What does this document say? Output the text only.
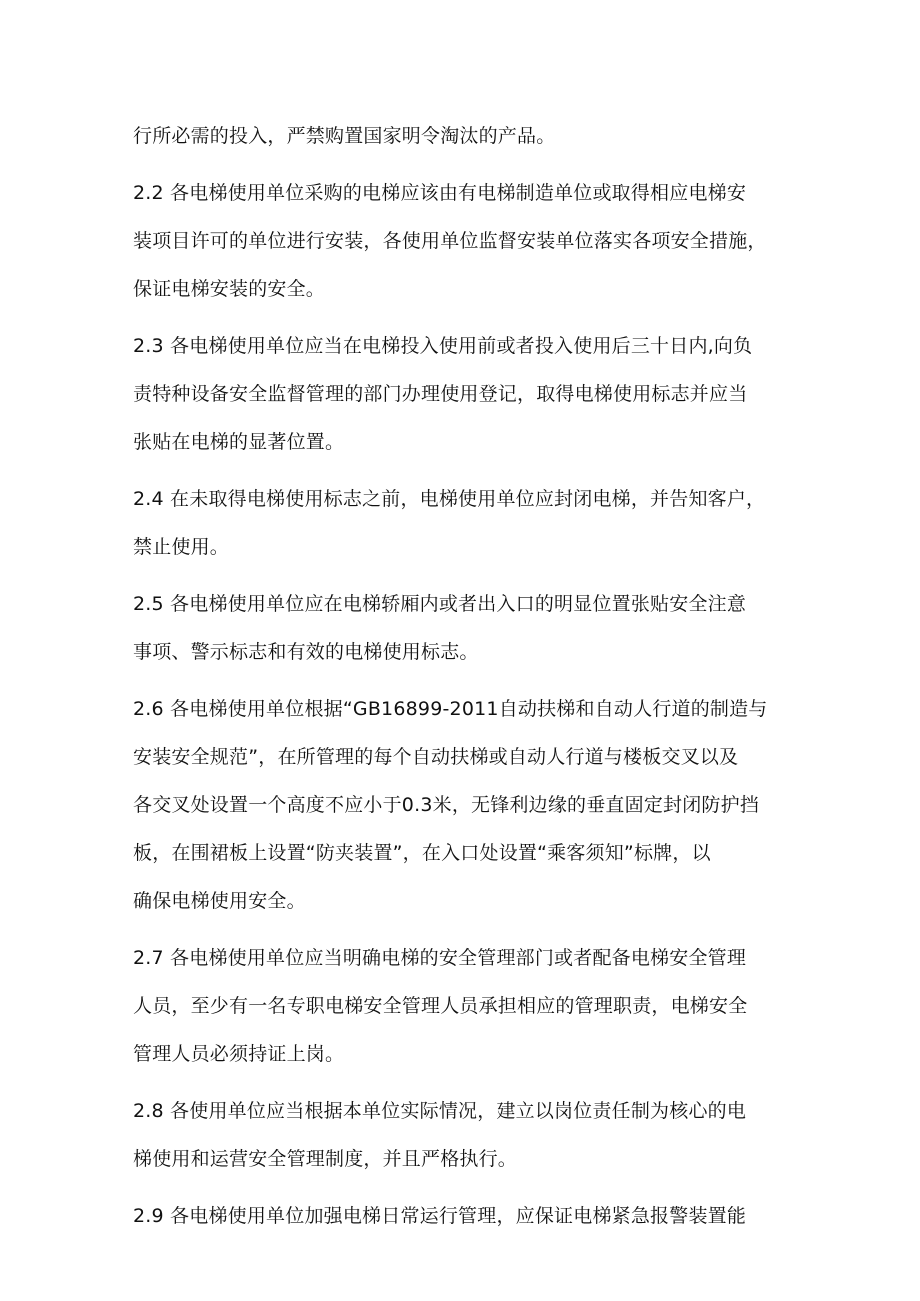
行所必需的投入，严禁购置国家明令淘汰的产品。

2.2 各电梯使用单位采购的电梯应该由有电梯制造单位或取得相应电梯安
装项目许可的单位进行安装，各使用单位监督安装单位落实各项安全措施，
保证电梯安装的安全。

2.3 各电梯使用单位应当在电梯投入使用前或者投入使用后三十日内,向负
责特种设备安全监督管理的部门办理使用登记，取得电梯使用标志并应当
张贴在电梯的显著位置。

2.4 在未取得电梯使用标志之前，电梯使用单位应封闭电梯，并告知客户，
禁止使用。

2.5 各电梯使用单位应在电梯轿厢内或者出入口的明显位置张贴安全注意
事项、警示标志和有效的电梯使用标志。

2.6 各电梯使用单位根据“GB16899-2011自动扶梯和自动人行道的制造与
安装安全规范”，在所管理的每个自动扶梯或自动人行道与楼板交叉以及
各交叉处设置一个高度不应小于0.3米，无锋利边缘的垂直固定封闭防护挡
板，在围裙板上设置“防夹装置”，在入口处设置“乘客须知”标牌，以
确保电梯使用安全。

2.7 各电梯使用单位应当明确电梯的安全管理部门或者配备电梯安全管理
人员，至少有一名专职电梯安全管理人员承担相应的管理职责，电梯安全
管理人员必须持证上岗。

2.8 各使用单位应当根据本单位实际情况，建立以岗位责任制为核心的电
梯使用和运营安全管理制度，并且严格执行。

2.9 各电梯使用单位加强电梯日常运行管理，应保证电梯紧急报警装置能
